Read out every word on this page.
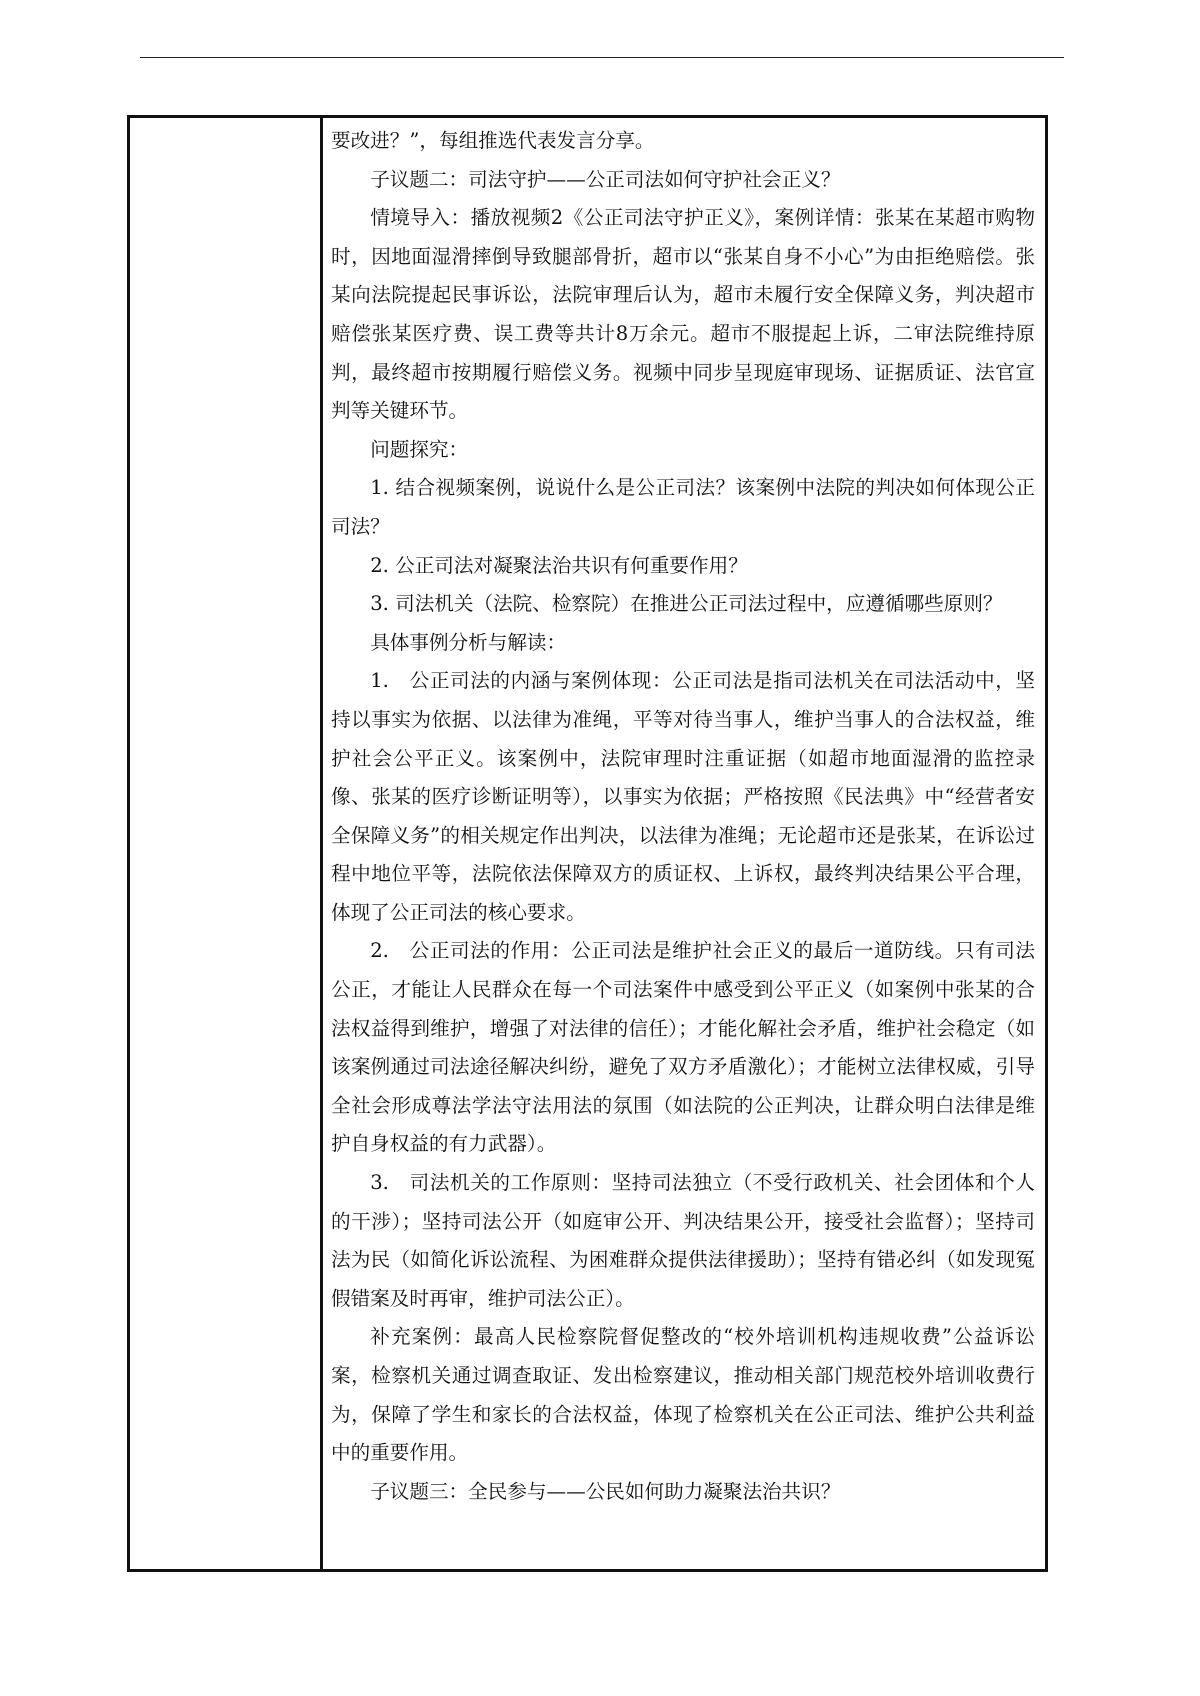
要改进？”，每组推选代表发言分享。

子议题二：司法守护——公正司法如何守护社会正义？

情境导入：播放视频2《公正司法守护正义》，案例详情：张某在某超市购物时，因地面湿滑摔倒导致腿部骨折，超市以“张某自身不小心”为由拒绝赔偿。张某向法院提起民事诉讼，法院审理后认为，超市未履行安全保障义务，判决超市赔偿张某医疗费、误工费等共计8万余元。超市不服提起上诉，二审法院维持原判，最终超市按期履行赔偿义务。视频中同步呈现庭审现场、证据质证、法官宣判等关键环节。

问题探究：

1. 结合视频案例，说说什么是公正司法？该案例中法院的判决如何体现公正司法？

2. 公正司法对凝聚法治共识有何重要作用？

3. 司法机关（法院、检察院）在推进公正司法过程中，应遵循哪些原则？

具体事例分析与解读：

1.　公正司法的内涵与案例体现：公正司法是指司法机关在司法活动中，坚持以事实为依据、以法律为准绳，平等对待当事人，维护当事人的合法权益，维护社会公平正义。该案例中，法院审理时注重证据（如超市地面湿滑的监控录像、张某的医疗诊断证明等），以事实为依据；严格按照《民法典》中“经营者安全保障义务”的相关规定作出判决，以法律为准绳；无论超市还是张某，在诉讼过程中地位平等，法院依法保障双方的质证权、上诉权，最终判决结果公平合理，体现了公正司法的核心要求。

2.　公正司法的作用：公正司法是维护社会正义的最后一道防线。只有司法公正，才能让人民群众在每一个司法案件中感受到公平正义（如案例中张某的合法权益得到维护，增强了对法律的信任）；才能化解社会矛盾，维护社会稳定（如该案例通过司法途径解决纠纷，避免了双方矛盾激化）；才能树立法律权威，引导全社会形成尊法学法守法用法的氛围（如法院的公正判决，让群众明白法律是维护自身权益的有力武器）。

3.　司法机关的工作原则：坚持司法独立（不受行政机关、社会团体和个人的干涉）；坚持司法公开（如庭审公开、判决结果公开，接受社会监督）；坚持司法为民（如简化诉讼流程、为困难群众提供法律援助）；坚持有错必纠（如发现冤假错案及时再审，维护司法公正）。

补充案例：最高人民检察院督促整改的“校外培训机构违规收费”公益诉讼案，检察机关通过调查取证、发出检察建议，推动相关部门规范校外培训收费行为，保障了学生和家长的合法权益，体现了检察机关在公正司法、维护公共利益中的重要作用。

子议题三：全民参与——公民如何助力凝聚法治共识？
